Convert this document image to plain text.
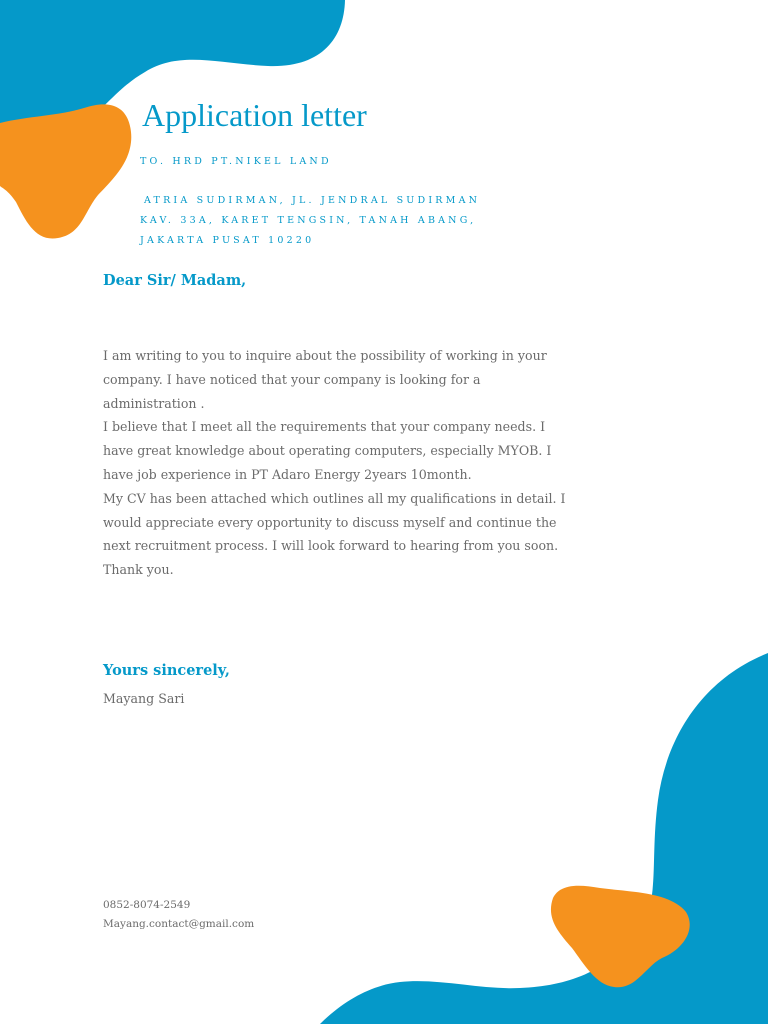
Application letter

TO. HRD PT.NIKEL LAND

ATRIA SUDIRMAN, JL. JENDRAL SUDIRMAN
KAV. 33A, KARET TENGSIN, TANAH ABANG,
JAKARTA PUSAT 10220

Dear Sir/ Madam,

I am writing to you to inquire about the possibility of working in your
company. I have noticed that your company is looking for a
administration .
I believe that I meet all the requirements that your company needs. I
have great knowledge about operating computers, especially MYOB. I
have job experience in PT Adaro Energy 2years 10month.
My CV has been attached which outlines all my qualifications in detail. I
would appreciate every opportunity to discuss myself and continue the
next recruitment process. I will look forward to hearing from you soon.
Thank you.

Yours sincerely,

Mayang Sari

0852-8074-2549

Mayang.contact@gmail.com
